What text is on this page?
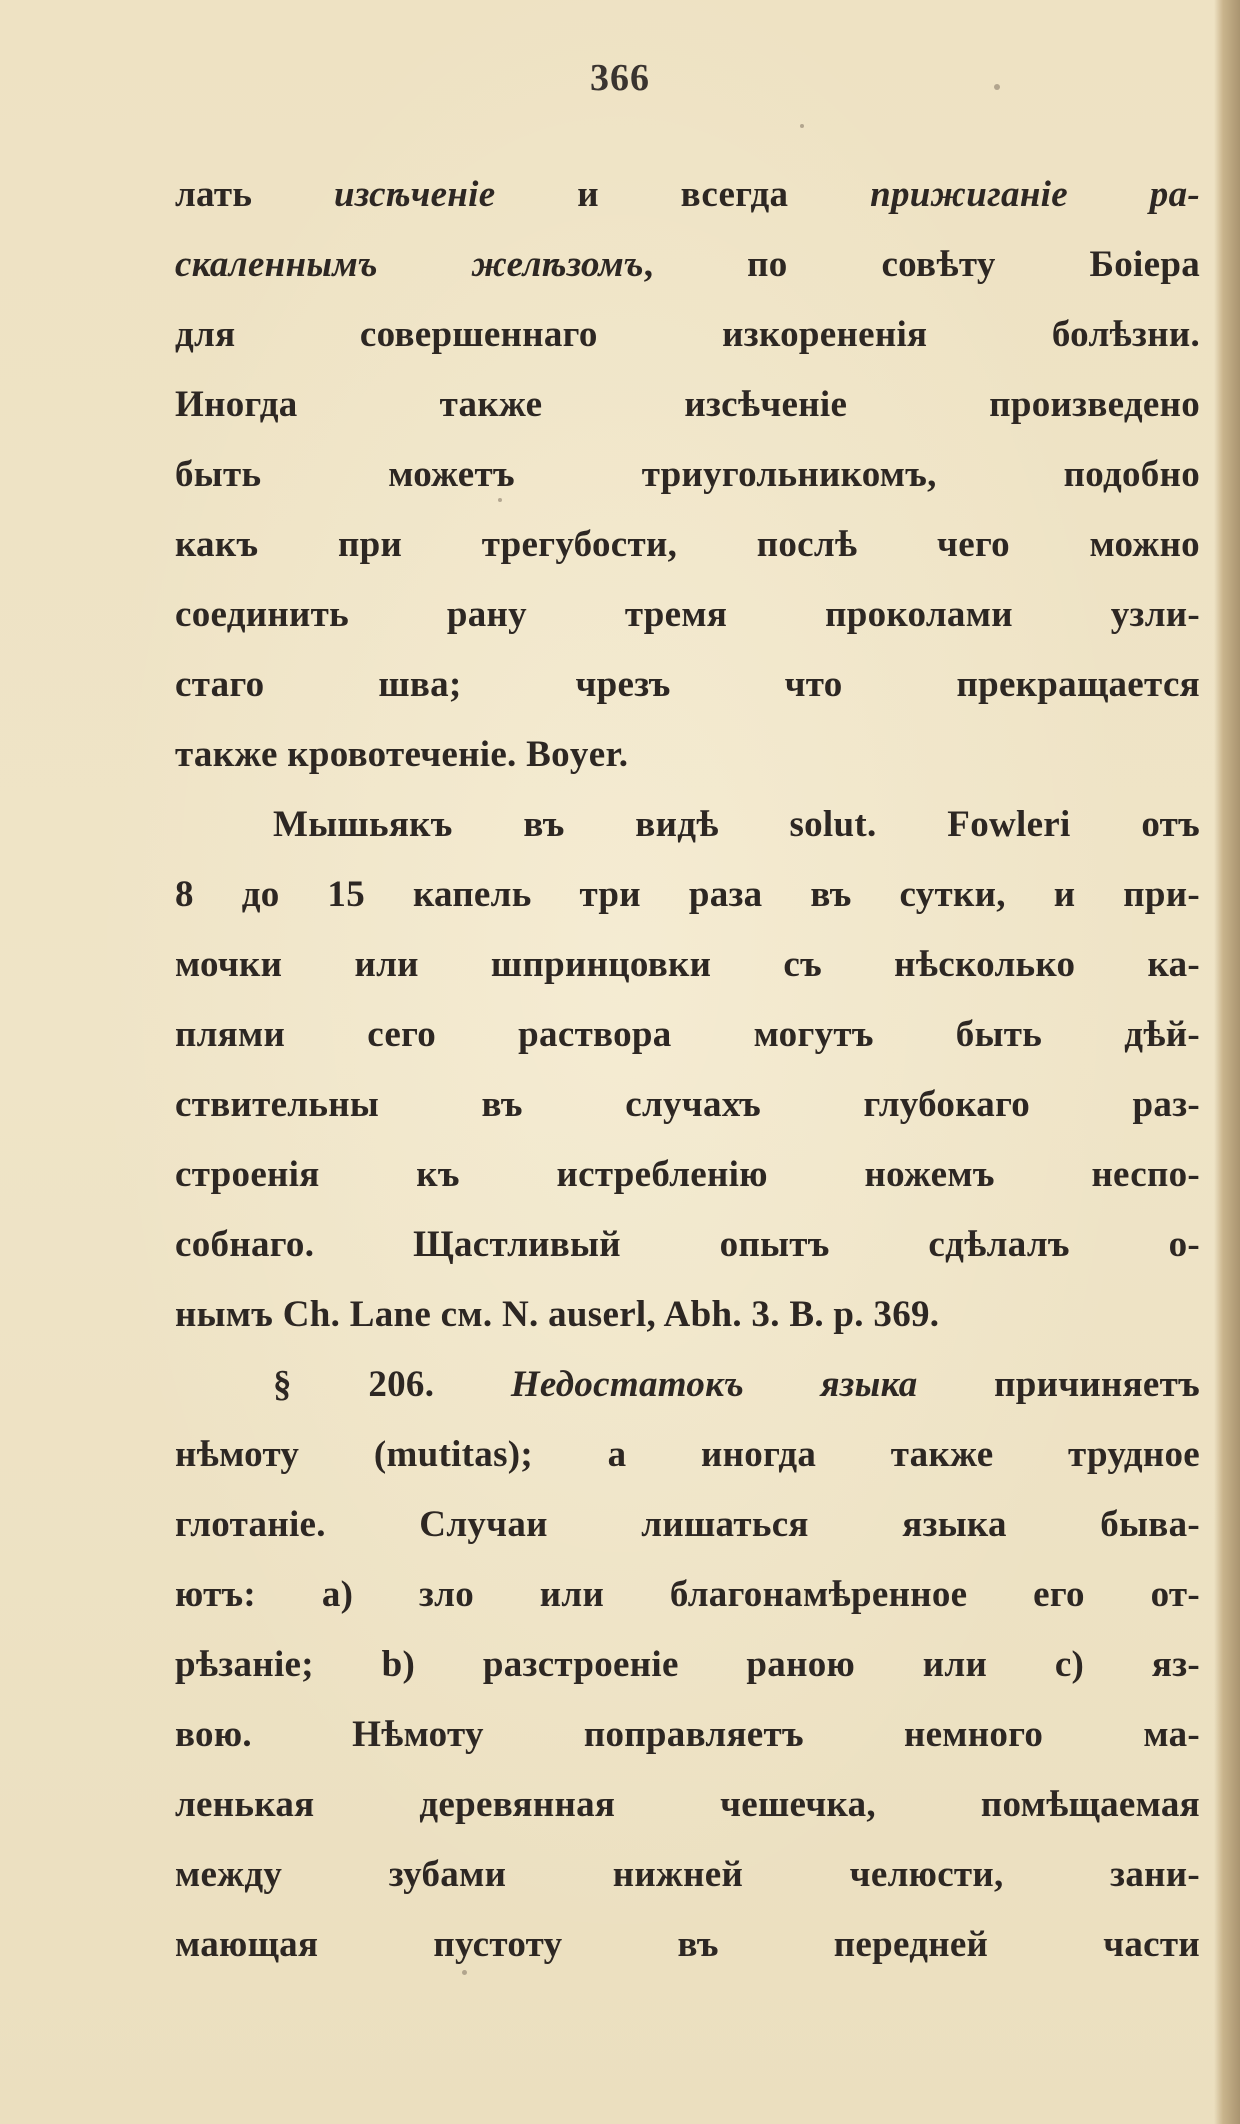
366
лать изсѣченіе и всегда прижиганіе ра-
скаленнымъ желѣзомъ, по совѣту Боіера
для совершеннаго изкорененія болѣзни.
Иногда также изсѣченіе произведено
быть можетъ триугольникомъ, подобно
какъ при трегубости, послѣ чего можно
соединить рану тремя проколами узли-
стаго шва; чрезъ что прекращается
также кровотеченіе. Boyer.
Мышьякъ въ видѣ solut. Fowleri отъ
8 до 15 капель три раза въ сутки, и при-
мочки или шпринцовки съ нѣсколько ка-
плями сего раствора могутъ быть дѣй-
ствительны въ случахъ глубокаго раз-
строенія къ истребленію ножемъ неспо-
собнаго. Щастливый опытъ сдѣлалъ о-
нымъ Ch. Lane см. N. auserl, Abh. 3. B. p. 369.
§ 206. Недостатокъ языка причиняетъ
нѣмоту (mutitas); а иногда также трудное
глотаніе. Случаи лишаться языка быва-
ютъ: a) зло или благонамѣренное его от-
рѣзаніе; b) разстроеніе раною или c) яз-
вою. Нѣмоту поправляетъ немного ма-
ленькая деревянная чешечка, помѣщаемая
между зубами нижней челюсти, зани-
мающая пустоту въ передней части
